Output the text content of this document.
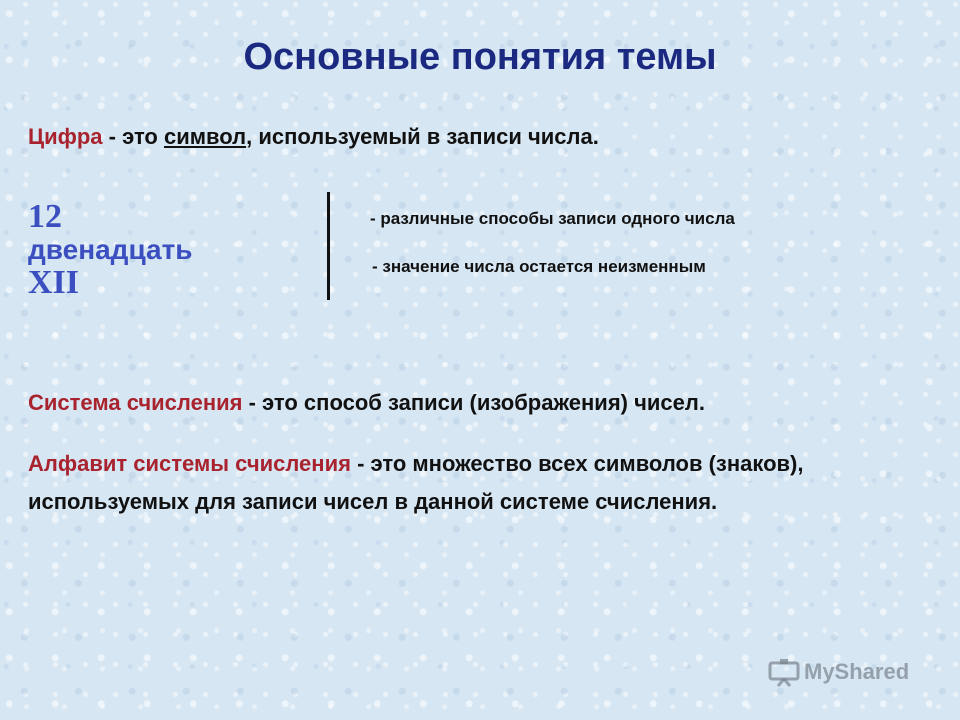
Основные понятия темы
Цифра - это символ, используемый в записи числа.
12
двенадцать
XII
- различные способы записи одного числа
- значение числа остается неизменным
Система счисления - это способ записи (изображения) чисел.
Алфавит системы счисления - это множество всех символов (знаков), используемых для записи чисел в данной системе счисления.
MyShared
